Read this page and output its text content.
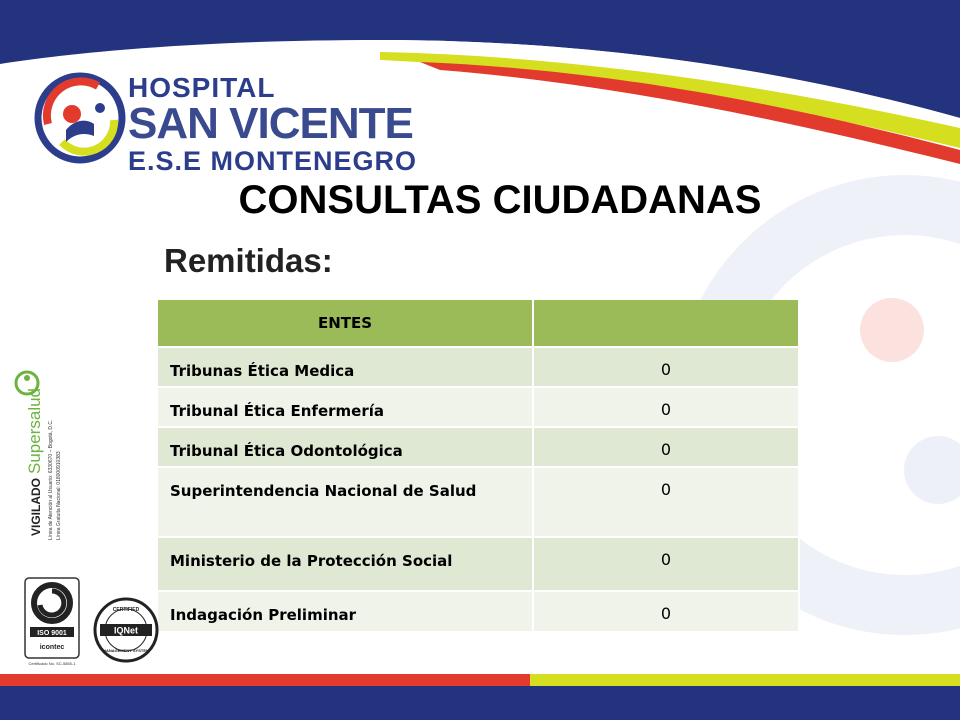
HOSPITAL
SAN VICENTE
E.S.E MONTENEGRO
CONSULTAS CIUDADANAS
Remitidas:
ENTES	
Tribunas Ética Medica	0
Tribunal Ética Enfermería	0
Tribunal Ética Odontológica	0
Superintendencia Nacional de Salud	0
Ministerio de la Protección Social	0
Indagación Preliminar	0
VIGILADO
Supersalud Línea de Atención al Usuario: 6330670 – Bogotá, D.C. Línea Gratuita Nacional: 018000910383
ISO 9001
icontec
Certificado No. SC-5855-1
IQNet
CERTIFIED
MANAGEMENT SYSTEM
